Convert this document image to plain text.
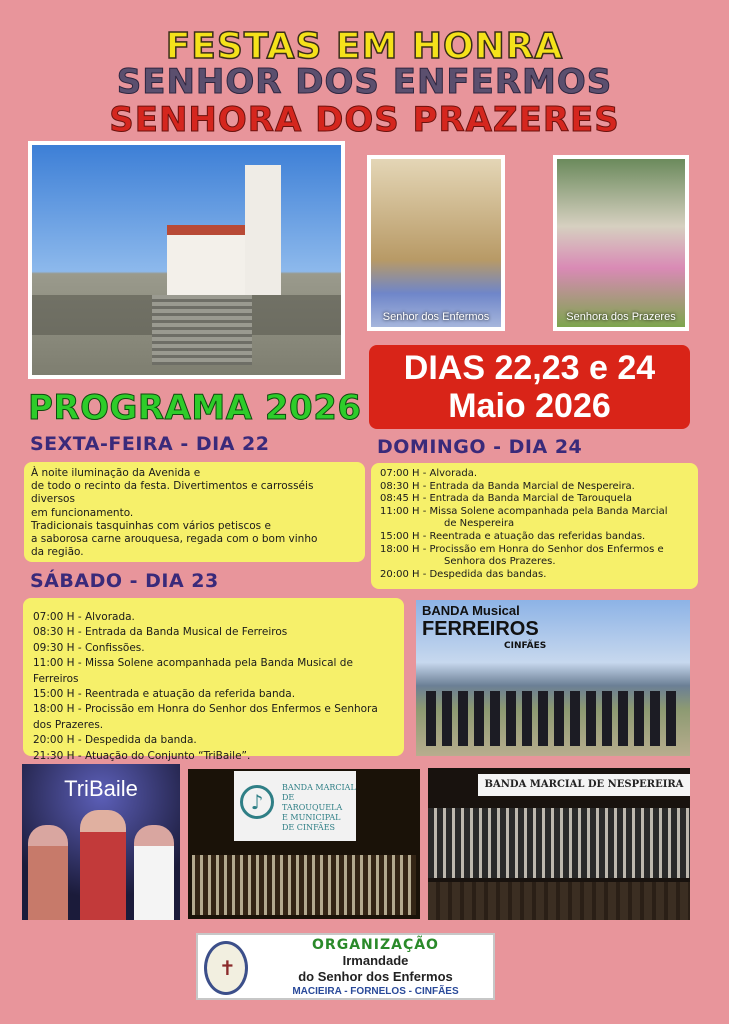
FESTAS EM HONRA
SENHOR DOS ENFERMOS
SENHORA DOS PRAZERES
Senhor dos Enfermos	Senhora dos Prazeres
DIAS 22,23 e 24
Maio 2026
PROGRAMA 2026
SEXTA-FEIRA - DIA 22
À noite iluminação da Avenida e
de todo o recinto da festa. Divertimentos e carrosséis diversos
em funcionamento.
Tradicionais tasquinhas com vários petiscos e
a saborosa carne arouquesa, regada com o bom vinho
da região.
DOMINGO - DIA 24
07:00 H - Alvorada.
08:30 H - Entrada da Banda Marcial de Nespereira.
08:45 H - Entrada da Banda Marcial de Tarouquela
11:00 H - Missa Solene acompanhada pela Banda Marcial
de Nespereira
15:00 H - Reentrada e atuação das referidas bandas.
18:00 H - Procissão em Honra do Senhor dos Enfermos e
Senhora dos Prazeres.
20:00 H - Despedida das bandas.
SÁBADO - DIA 23
07:00 H - Alvorada.
08:30 H - Entrada da Banda Musical de Ferreiros
09:30 H - Confissões.
11:00 H - Missa Solene acompanhada pela Banda Musical de Ferreiros
15:00 H - Reentrada e atuação da referida banda.
18:00 H - Procissão em Honra do Senhor dos Enfermos e Senhora dos Prazeres.
20:00 H - Despedida da banda.
21:30 H - Atuação do Conjunto “TriBaile”.
BANDA Musical
FERREIROS
CINFÃES
TriBaile
♪
BANDA MARCIAL
DE TAROUQUELA
E MUNICIPAL
DE CINFÃES
BANDA MARCIAL DE NESPEREIRA
✝
ORGANIZAÇÃO
Irmandade
do Senhor dos Enfermos
MACIEIRA - FORNELOS - CINFÃES
